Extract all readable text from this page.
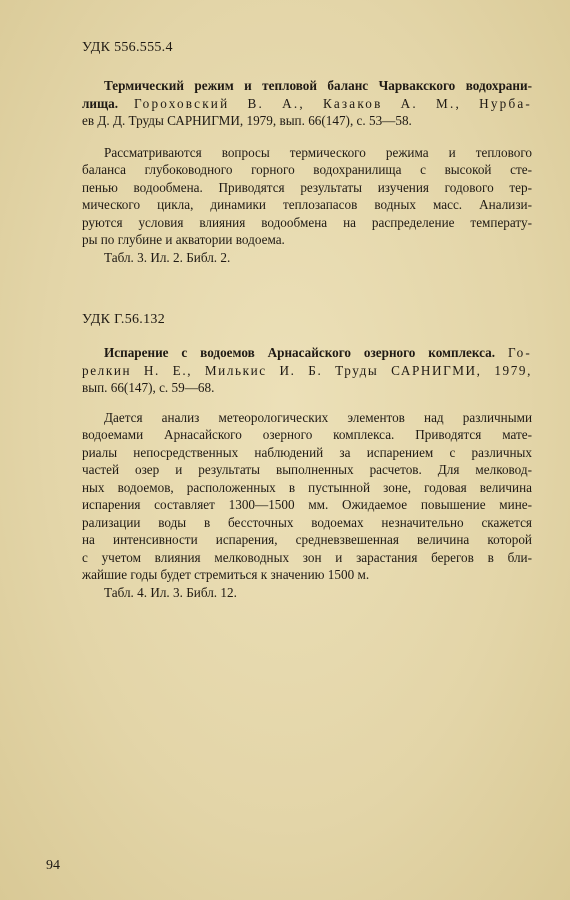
УДК 556.555.4
Термический режим и тепловой баланс Чарвакского водохрани-
лища. Гороховский В. А., Казаков А. М., Нурба-
ев Д. Д. Труды САРНИГМИ, 1979, вып. 66(147), с. 53—58.
Рассматриваются вопросы термического режима и теплового
баланса глубоководного горного водохранилища с высокой сте-
пенью водообмена. Приводятся результаты изучения годового тер-
мического цикла, динамики теплозапасов водных масс. Анализи-
руются условия влияния водообмена на распределение температу-
ры по глубине и акватории водоема.
Табл. 3. Ил. 2. Библ. 2.
УДК Г.56.132
Испарение с водоемов Арнасайского озерного комплекса. Го-
релкин Н. Е., Милькис И. Б. Труды САРНИГМИ, 1979,
вып. 66(147), с. 59—68.
Дается анализ метеорологических элементов над различными
водоемами Арнасайского озерного комплекса. Приводятся мате-
риалы непосредственных наблюдений за испарением с различных
частей озер и результаты выполненных расчетов. Для мелковод-
ных водоемов, расположенных в пустынной зоне, годовая величина
испарения составляет 1300—1500 мм. Ожидаемое повышение мине-
рализации воды в бессточных водоемах незначительно скажется
на интенсивности испарения, средневзвешенная величина которой
с учетом влияния мелководных зон и зарастания берегов в бли-
жайшие годы будет стремиться к значению 1500 м.
Табл. 4. Ил. 3. Библ. 12.
94
